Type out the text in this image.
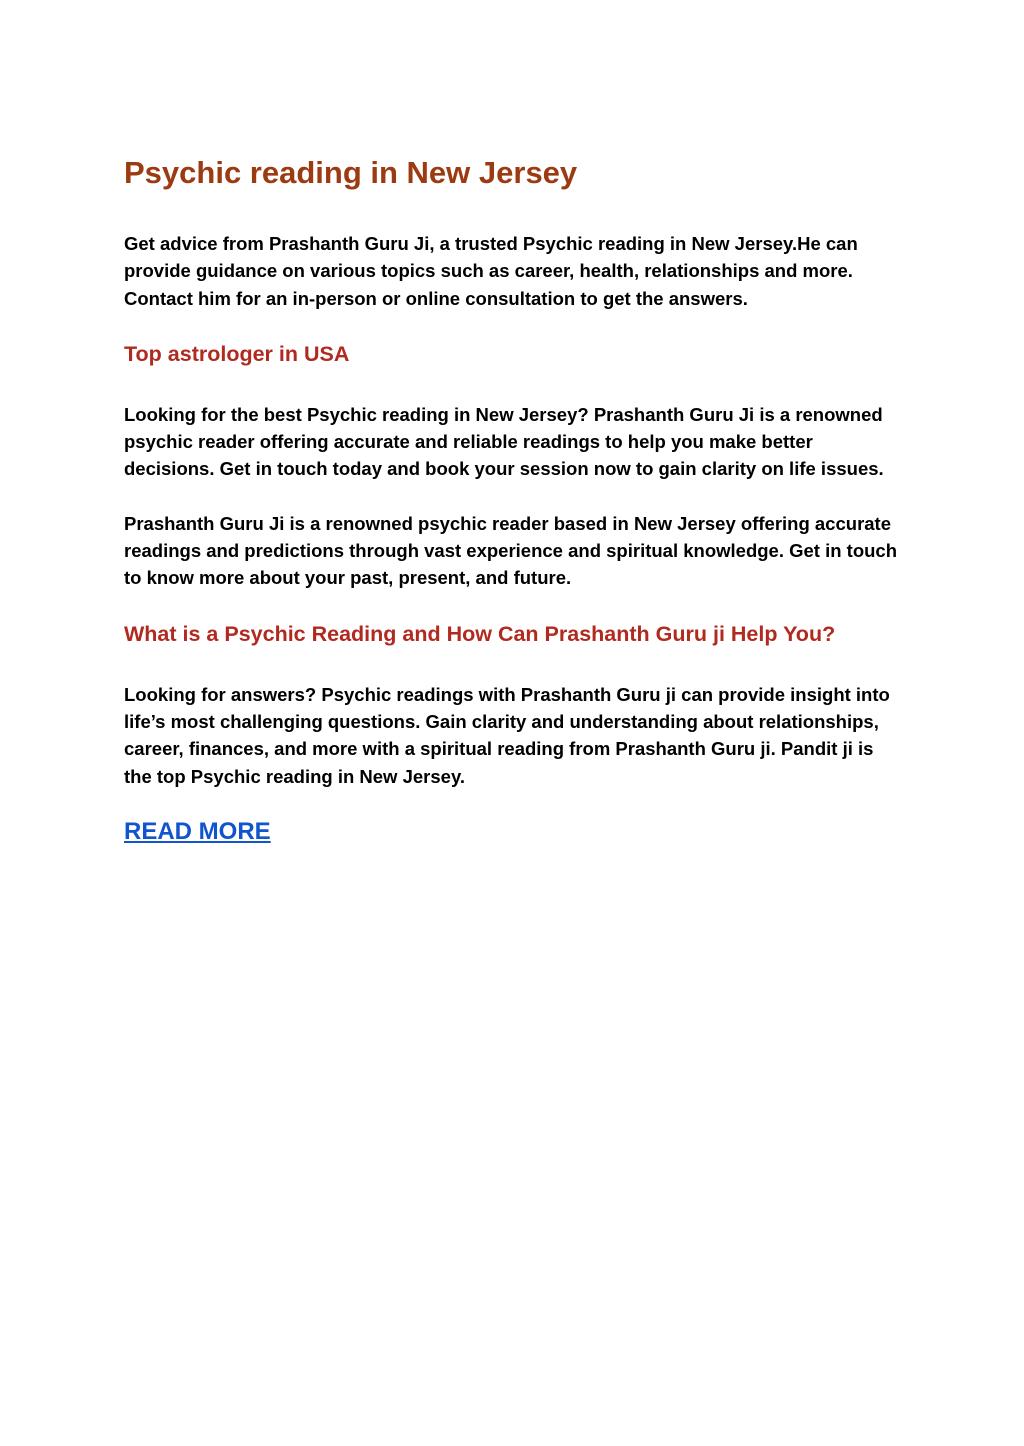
Psychic reading in New Jersey

Get advice from Prashanth Guru Ji, a trusted Psychic reading in New Jersey.He can provide guidance on various topics such as career, health, relationships and more. Contact him for an in-person or online consultation to get the answers.

Top astrologer in USA

Looking for the best Psychic reading in New Jersey? Prashanth Guru Ji is a renowned psychic reader offering accurate and reliable readings to help you make better decisions. Get in touch today and book your session now to gain clarity on life issues.

Prashanth Guru Ji is a renowned psychic reader based in New Jersey offering accurate readings and predictions through vast experience and spiritual knowledge. Get in touch to know more about your past, present, and future.

What is a Psychic Reading and How Can Prashanth Guru ji Help You?

Looking for answers? Psychic readings with Prashanth Guru ji can provide insight into life’s most challenging questions. Gain clarity and understanding about relationships, career, finances, and more with a spiritual reading from Prashanth Guru ji. Pandit ji is the top Psychic reading in New Jersey.

READ MORE
